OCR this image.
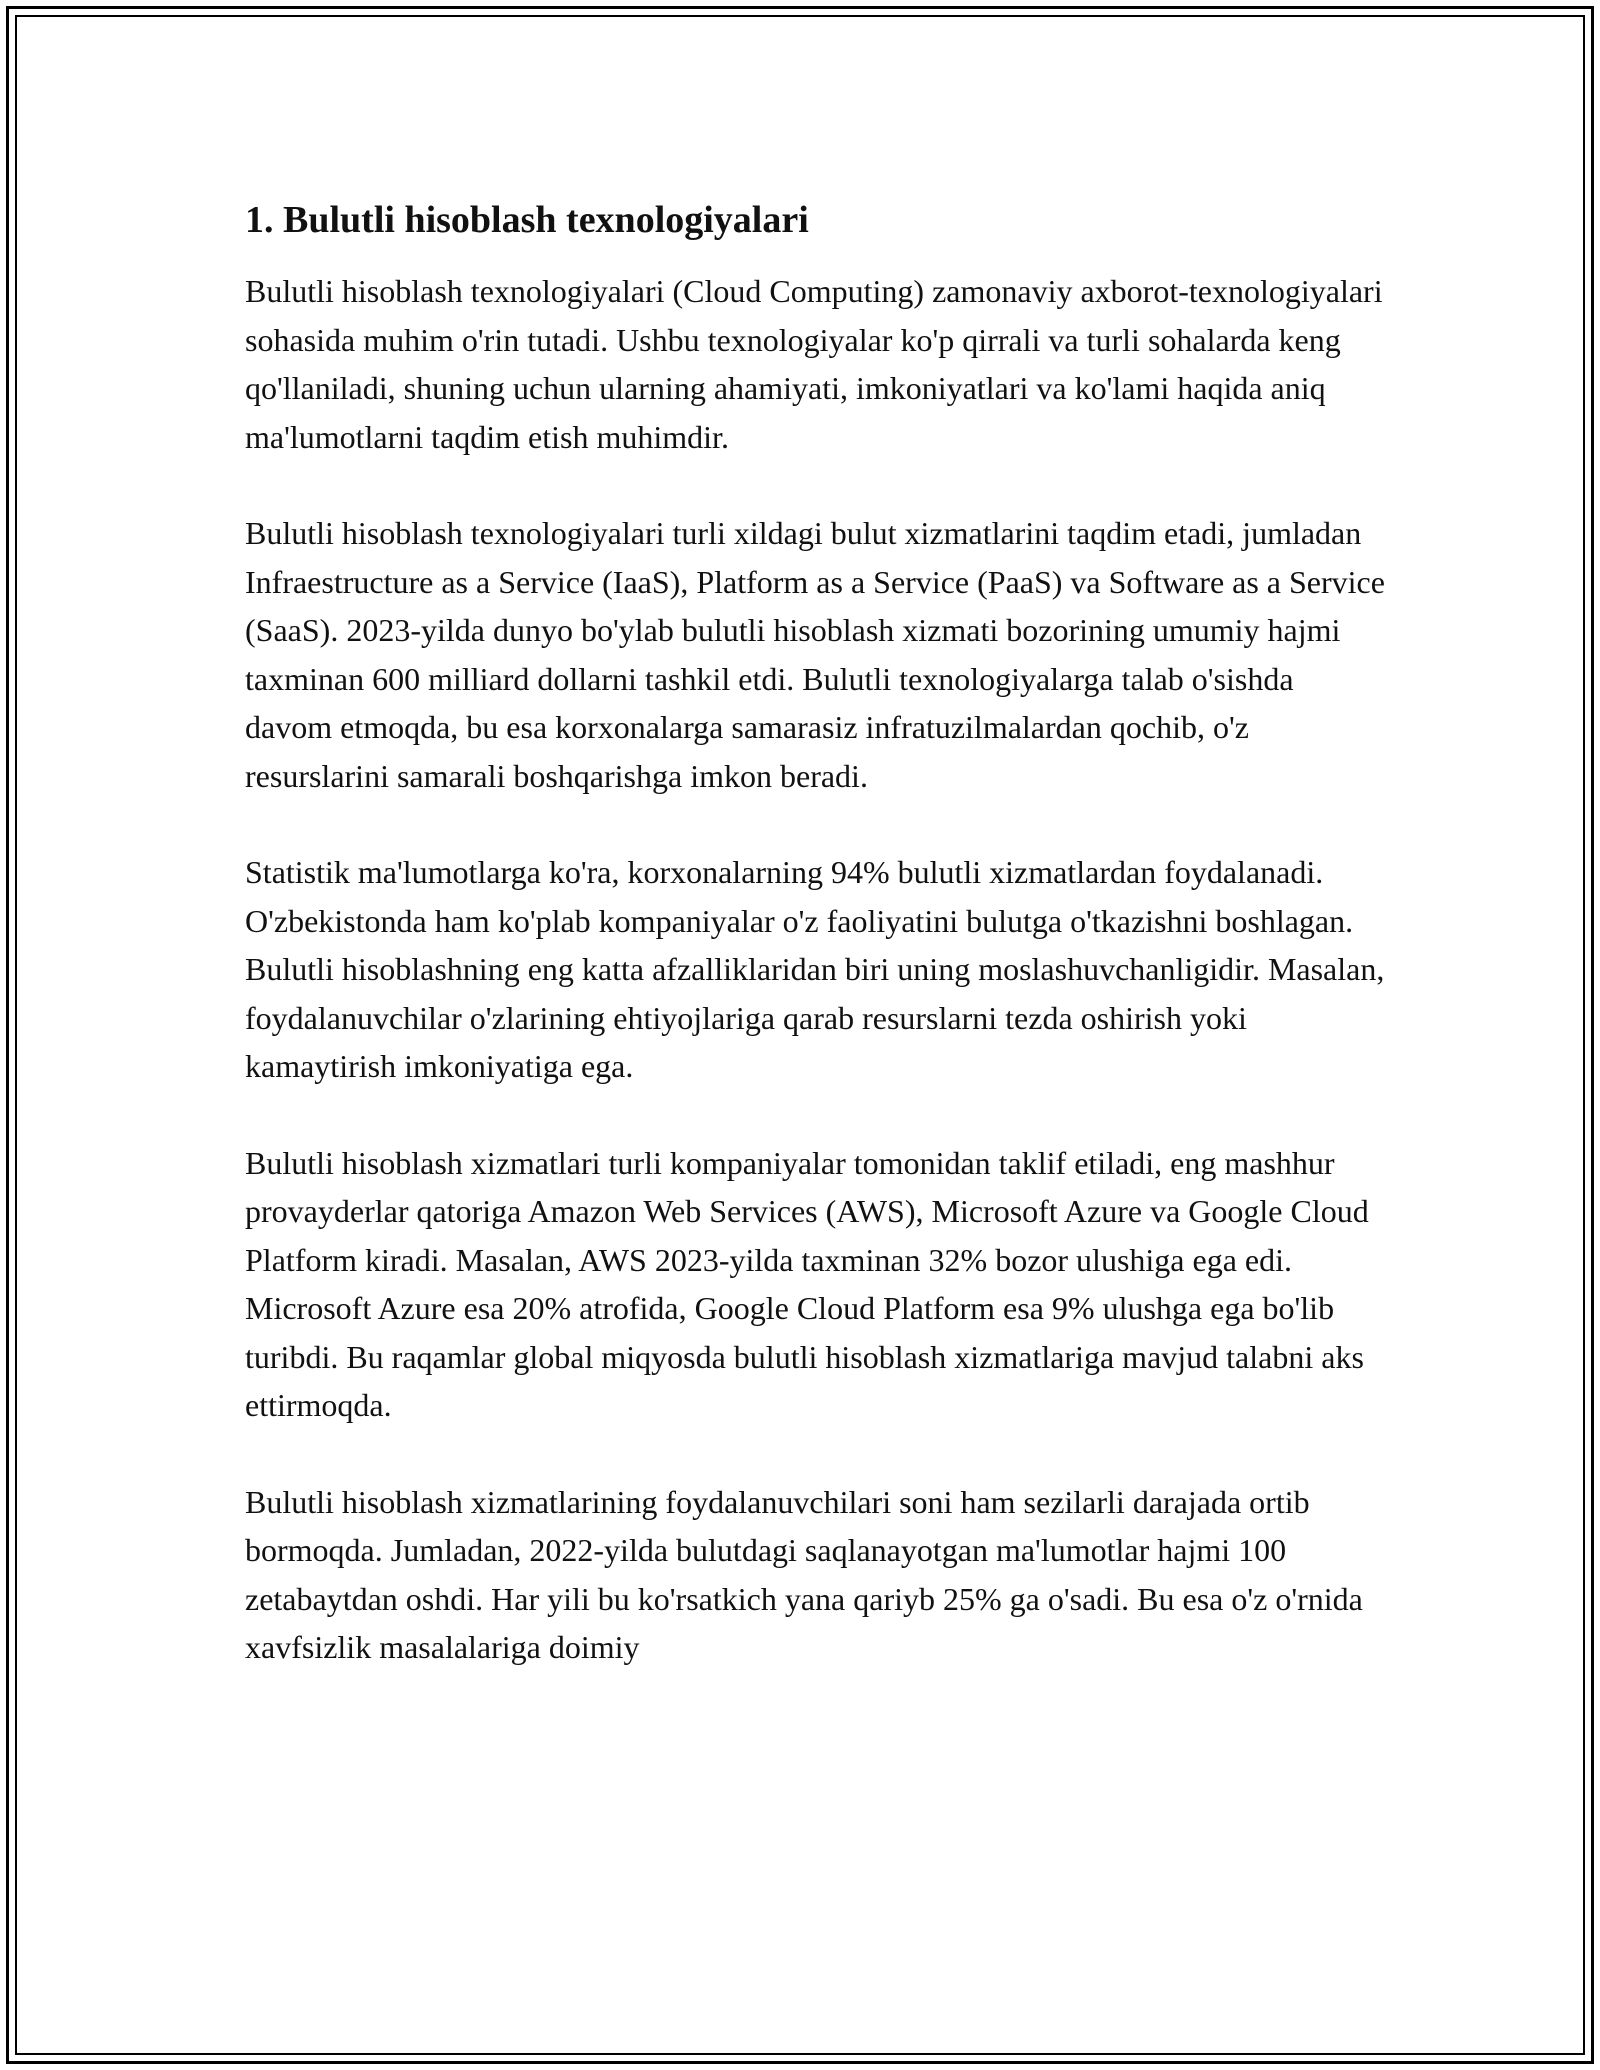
1. Bulutli hisoblash texnologiyalari

Bulutli hisoblash texnologiyalari (Cloud Computing) zamonaviy axborot-texnologiyalari sohasida muhim o'rin tutadi. Ushbu texnologiyalar ko'p qirrali va turli sohalarda keng qo'llaniladi, shuning uchun ularning ahamiyati, imkoniyatlari va ko'lami haqida aniq ma'lumotlarni taqdim etish muhimdir.

Bulutli hisoblash texnologiyalari turli xildagi bulut xizmatlarini taqdim etadi, jumladan Infraestructure as a Service (IaaS), Platform as a Service (PaaS) va Software as a Service (SaaS). 2023-yilda dunyo bo'ylab bulutli hisoblash xizmati bozorining umumiy hajmi taxminan 600 milliard dollarni tashkil etdi. Bulutli texnologiyalarga talab o'sishda davom etmoqda, bu esa korxonalarga samarasiz infratuzilmalardan qochib, o'z resurslarini samarali boshqarishga imkon beradi.

Statistik ma'lumotlarga ko'ra, korxonalarning 94% bulutli xizmatlardan foydalanadi. O'zbekistonda ham ko'plab kompaniyalar o'z faoliyatini bulutga o'tkazishni boshlagan. Bulutli hisoblashning eng katta afzalliklaridan biri uning moslashuvchanligidir. Masalan, foydalanuvchilar o'zlarining ehtiyojlariga qarab resurslarni tezda oshirish yoki kamaytirish imkoniyatiga ega.

Bulutli hisoblash xizmatlari turli kompaniyalar tomonidan taklif etiladi, eng mashhur provayderlar qatoriga Amazon Web Services (AWS), Microsoft Azure va Google Cloud Platform kiradi. Masalan, AWS 2023-yilda taxminan 32% bozor ulushiga ega edi. Microsoft Azure esa 20% atrofida, Google Cloud Platform esa 9% ulushga ega bo'lib turibdi. Bu raqamlar global miqyosda bulutli hisoblash xizmatlariga mavjud talabni aks ettirmoqda.

Bulutli hisoblash xizmatlarining foydalanuvchilari soni ham sezilarli darajada ortib bormoqda. Jumladan, 2022-yilda bulutdagi saqlanayotgan ma'lumotlar hajmi 100 zetabaytdan oshdi. Har yili bu ko'rsatkich yana qariyb 25% ga o'sadi. Bu esa o'z o'rnida xavfsizlik masalalariga doimiy
